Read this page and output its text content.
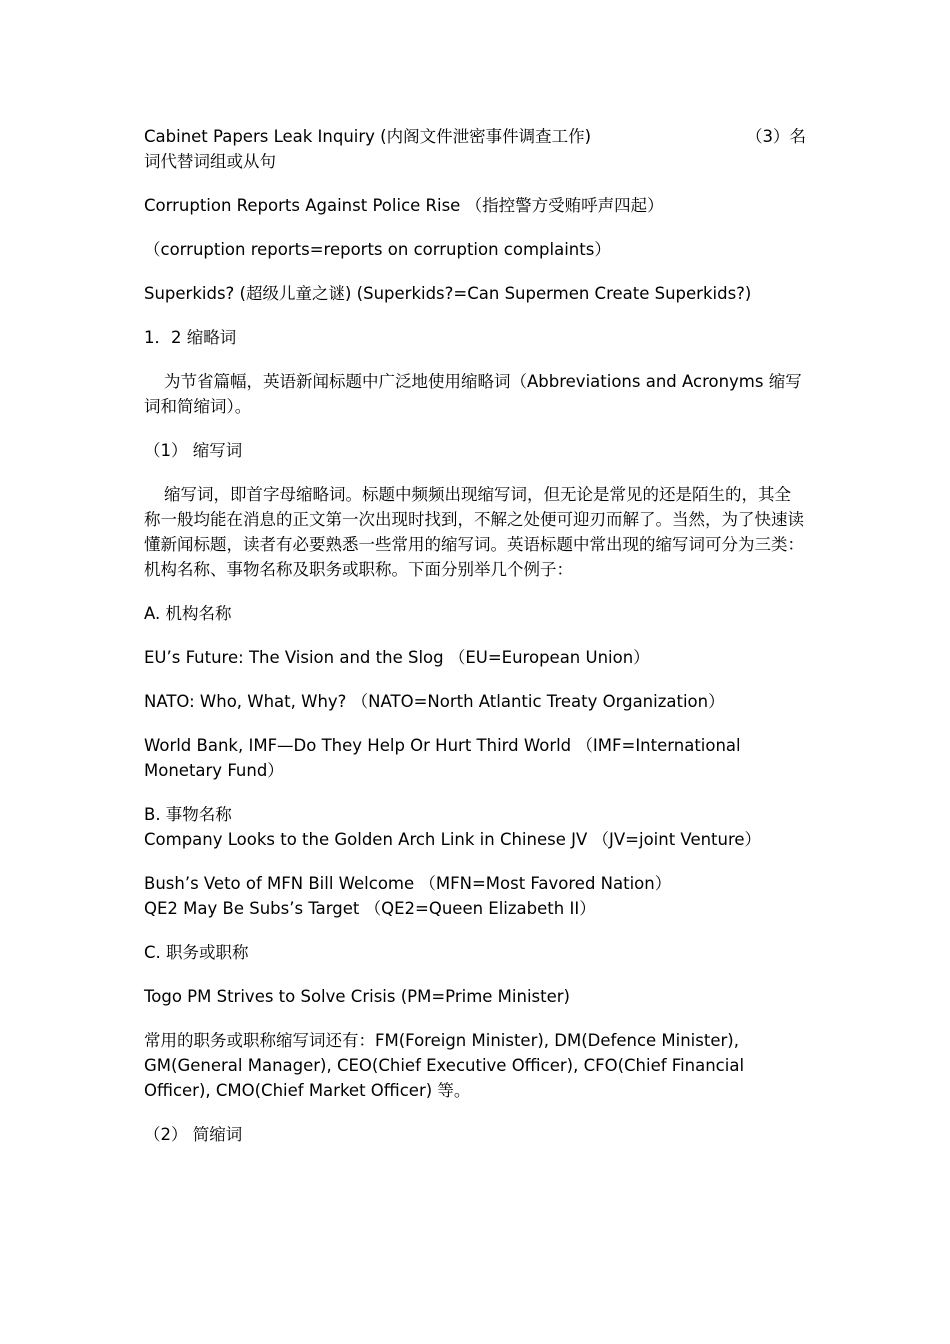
Cabinet Papers Leak Inquiry (内阁文件泄密事件调查工作)	（3）名

词代替词组或从句

Corruption Reports Against Police Rise （指控警方受贿呼声四起）

（corruption reports=reports on corruption complaints）

Superkids? (超级儿童之谜) (Superkids?=Can Supermen Create Superkids?)

1．2 缩略词

为节省篇幅，英语新闻标题中广泛地使用缩略词（Abbreviations and Acronyms 缩写词和简缩词）。

（1） 缩写词

缩写词，即首字母缩略词。标题中频频出现缩写词，但无论是常见的还是陌生的，其全称一般均能在消息的正文第一次出现时找到，不解之处便可迎刃而解了。当然，为了快速读懂新闻标题，读者有必要熟悉一些常用的缩写词。英语标题中常出现的缩写词可分为三类：机构名称、事物名称及职务或职称。下面分别举几个例子：

A. 机构名称

EU’s Future: The Vision and the Slog （EU=European Union）

NATO: Who, What, Why? （NATO=North Atlantic Treaty Organization）

World Bank, IMF—Do They Help Or Hurt Third World （IMF=International Monetary Fund）

B. 事物名称
Company Looks to the Golden Arch Link in Chinese JV （JV=joint Venture）

Bush’s Veto of MFN Bill Welcome （MFN=Most Favored Nation）
QE2 May Be Subs’s Target （QE2=Queen Elizabeth II）

C. 职务或职称

Togo PM Strives to Solve Crisis (PM=Prime Minister)

常用的职务或职称缩写词还有：FM(Foreign Minister), DM(Defence Minister), GM(General Manager), CEO(Chief Executive Officer), CFO(Chief Financial Officer), CMO(Chief Market Officer) 等。

（2） 简缩词
